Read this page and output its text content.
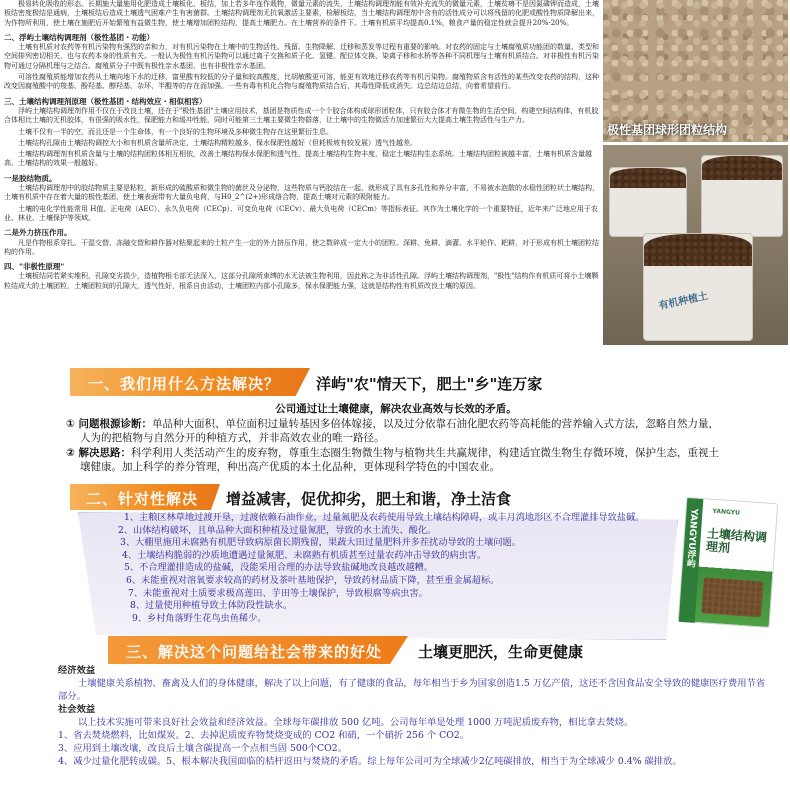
极易转化吸收的形态。长期施大量施用化肥造成土壤板化、板结，加上若多年连作栽物，微量元素的流失，土壤结构调理剂能有效补充流失的微量元素，土壤贫瘠不是因氮磷钾而造成，土壤板结密度极结是通病，土壤板结后造成土壤透气困难产生有害菌群。土壤结构调理剂无抗氧激活主要素，检解板结，当土壤结构调理剂中含有的活性成分可以将残留的化肥或酸性物质降解出来，为作物所利用，使土壤在施肥后开始繁殖有益微生物，使土壤增加团粒结构，提高土壤肥力。在土壤营养的条件下。土壤有机质平均提高0.1%，粮食产量的稳定性就会提升20%-20%。

二、浮屿土壤结构调理剂（极性基团・功能）

土壤有机质对农药等有机污染物有强烈的亲和力，对有机污染物在土壤中的生物活性、残留、生物降解、迁移和蒸发等过程有重要的影响。对农药的固定与土壤腐殖质功能团的数量、类型和空间排列密切相关，也与农药本身的性质有关。一般认为极性有机污染物可以通过离子交换和质子化、氢键、配位体交换、染离子移和水桥等各种不同机理与土壤有机质结合。对非极性有机污染物可通过分隔机理与之结合。腐殖质分子中既有极性亲水基团，也有非极性亲水基团。

可溶性腐殖质能增加农药从土壤向地下水的迁移，富里酸有较低的分子量和较高酸度，比胡敏酸更可溶，能更有效地迁移农药等有机污染物。腐殖物质含有活性的某些改变农药的结构，这种改变因腐殖酸中的羧基、酚羟基、醇羟基、杂环、半醌等的存在而加强。一些有毒有机化合物与腐殖物质结合后，其毒性降低或消失。边总结边总结，向着希望前行。

三、土壤结构调理剂原理（极性基团・结构效应・相似相容）

浮屿土壤结构调理剂作用不仅在于改良土壤，还在于"极性基团"土壤应用技术，基团是物质性成一个个胶合体构成球形团粒体，只有胶合体才有微生物的生活空间，构建空间结构体，有机胶合体相比土壤的无机胶体，有很强的吸水性，保肥能力和缓冲性能，同时可能第三土壤主要微生物群落，让土壤中的生物微活力加速繁衍大大提高土壤生物活性与生产力。

土壤不仅有一半的空，而且还是一个生命体，有一个良好的生物环境及多种微生物存在这里繁衍生息。

土壤结构孔隙由土壤结构调控大小和有机质含量所决定，土壤结构精粒越多，保水保肥性越好（但耗极坡有较发展）透气性越差。

土壤结构调理剂有机质含量与土壤的结构团粒体相互相依，改善土壤结构保水保肥和透气性，提高土壤结构生物丰度，稳定土壤结构生态系统。土壤结构团粒被越丰富，土壤有机质含量越高，土壤结构的效果一般越好。

一是胶结物质。

土壤结构调理剂中的胶结物质主要是粘粒，新形成的硫酸质和微生物的菌丝及分泌物，这些物质与钙胶结在一起，就形成了具有多孔性和养分丰富，不易被水泡散的水稳性团粒状土壤结构，土壤有机质中存在着大量的极性基团，使土壤表面带有大量负电荷，与H0_2^(2+)形成络合物，提高土壤对元素的吸附能力。

土壤的电化学性能常用 H值、正电荷（AEC）、永久负电荷（CECp）、可变负电荷（CECv）、最大负电荷（CECm）等指标表征。其作为土壤化学的一个重要特征，近年来广泛地应用于农业、林业、土壤保护等领域。

二是外力挤压作用。

凡是作物根系穿扎、干湿交替、冻融交替和耕作器对粘聚起来的土粒产生一定的外力挤压作用，使之数碎成一定大小的团粒。深耕、免耕、滴灌、水平轮作、耙耕，对于形成有机土壤团粒结构的作用。

四、"非极性原理"

土壤板结同若紧实堆积，孔隙变劣损少，造植物根毛部无法深入，这部分孔隙所束缚的水无法被生物利用，因此称之为非活性孔隙。浮屿土壤结构调理剂，"极性"结构作有机质可将小土壤颗粒结成大的土壤团粒，土壤团粒间的孔隙大，透气性好，根系自由活动，土壤团粒内部小孔隙多，保水保肥能力强，这就是结构性有机质改良土壤的原因。

极性基团球形团粒结构
有机种植土
一、我们用什么方法解决？ 洋屿"农"情天下，肥土"乡"连万家
公司通过让土壤健康，解决农业高效与长效的矛盾。
① 问题根源诊断：单品种大面积、单位面积过量转基因多倍体嫁接，以及过分依靠石油化肥农药等高耗能的营养输入式方法，忽略自然力量，人为的把植物与自然分开的种植方式，并非高效农业的唯一路径。
② 解决思路：科学利用人类活动产生的废弃物，尊重生态圈生物微生物与植物共生共赢规律，构建适宜微生物生存微环境，保护生态，重视土壤健康。加上科学的养分管理，种出高产优质的本土化品种，更体现科学特色的中国农业。
二、针对性解决 增益减害，促优抑劣，肥土和谐，净土洁食
1、主粮区林草地过渡开垦，过渡依赖石油作业，过量氮肥及农药使用导致土壤结构障碍，或丰月湾地形区不合理灌排导致盐碱。
2、山体结构破坏，且单品种大面积种植及过量氮肥，导致的水土流失、酸化。
3、大棚里施用未腐熟有机肥导致病原菌长期残留，果蔬大田过量肥料并多茬扰动导致的土壤问题。
4、土壤结构脆弱的沙质地遭遇过量氮肥、未腐熟有机质甚至过量农药冲击导致的病虫害。
5、不合理灌排造成的盐碱，没能采用合理的办法导致盐碱地改良越改越糟。
6、未能重视对溶氧要求较高的药材及茶叶基地保护，导致药材品质下降，甚至重金属超标。
7、未能重视对土质要求极高莲田、芋田等土壤保护，导致根腐等病虫害。
8、过量使用种植导致土体防段性缺水。
9、乡村角落野生花鸟虫鱼稀少。
YANGYU浮屿	YANGYU
土壤结构调理剂
三、解决这个问题给社会带来的好处 土壤更肥沃，生命更健康
经济效益
土壤健康关系植物、畜禽及人们的身体健康，解决了以上问题，有了健康的食品，每年相当于乡为国家创造1.5 万亿产值，这还不含因食品安全导致的健康医疗费用节省部分。
社会效益
以上技术实施可带来良好社会效益和经济效益。全球每年碳排放 500 亿吨。公司每年单是处理 1000 万吨泥质废弃物，相比拿去焚烧。
1、省去焚烧燃料，比如煤炭。2、去掉泥质废弃物焚烧变成的 CO2 和硝，一个硝折 256 个 CO2。
3、应用到土壤改壤，改良后土壤含碳提高一个点相当固 500个CO2。
4、减少过量化肥转成碳。5、根本解决我国面临的桔杆返田与焚烧的矛盾。综上每年公司可为全球减少2亿吨碳排放，相当于为全球减少 0.4% 碳排放。
